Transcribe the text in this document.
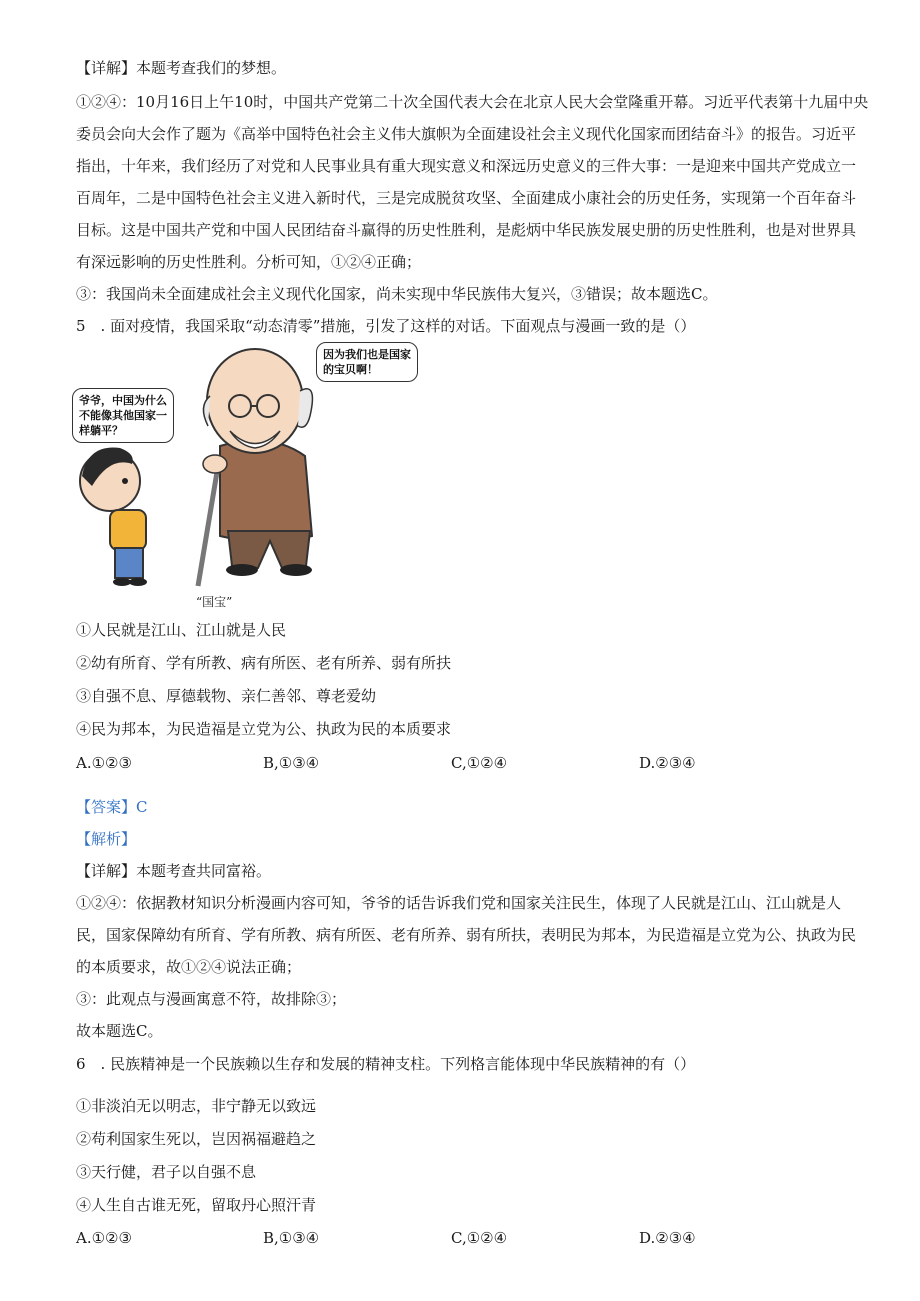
【详解】本题考查我们的梦想。
①②④：10月16日上午10时，中国共产党第二十次全国代表大会在北京人民大会堂隆重开幕。习近平代表第十九届中央
委员会向大会作了题为《高举中国特色社会主义伟大旗帜为全面建设社会主义现代化国家而团结奋斗》的报告。习近平
指出，十年来，我们经历了对党和人民事业具有重大现实意义和深远历史意义的三件大事：一是迎来中国共产党成立一
百周年，二是中国特色社会主义进入新时代，三是完成脱贫攻坚、全面建成小康社会的历史任务，实现第一个百年奋斗
目标。这是中国共产党和中国人民团结奋斗赢得的历史性胜利，是彪炳中华民族发展史册的历史性胜利，也是对世界具
有深远影响的历史性胜利。分析可知，①②④正确；
③：我国尚未全面建成社会主义现代化国家，尚未实现中华民族伟大复兴，③错误；故本题选C。
5　. 面对疫情，我国采取“动态清零”措施，引发了这样的对话。下面观点与漫画一致的是（）
因为我们也是国家
的宝贝啊！
爷爷，中国为什么
不能像其他国家一
样躺平？
“国宝”
①人民就是江山、江山就是人民
②幼有所育、学有所教、病有所医、老有所养、弱有所扶
③自强不息、厚德载物、亲仁善邻、尊老爱幼
④民为邦本，为民造福是立党为公、执政为民的本质要求
A.①②③	B,①③④	C,①②④	D.②③④
【答案】C
【解析】
【详解】本题考查共同富裕。
①②④：依据教材知识分析漫画内容可知，爷爷的话告诉我们党和国家关注民生，体现了人民就是江山、江山就是人
民，国家保障幼有所育、学有所教、病有所医、老有所养、弱有所扶，表明民为邦本，为民造福是立党为公、执政为民
的本质要求，故①②④说法正确；
③：此观点与漫画寓意不符，故排除③；
故本题选C。
6　. 民族精神是一个民族赖以生存和发展的精神支柱。下列格言能体现中华民族精神的有（）
①非淡泊无以明志，非宁静无以致远
②苟利国家生死以，岂因祸福避趋之
③天行健，君子以自强不息
④人生自古谁无死，留取丹心照汗青
A.①②③	B,①③④	C,①②④	D.②③④
